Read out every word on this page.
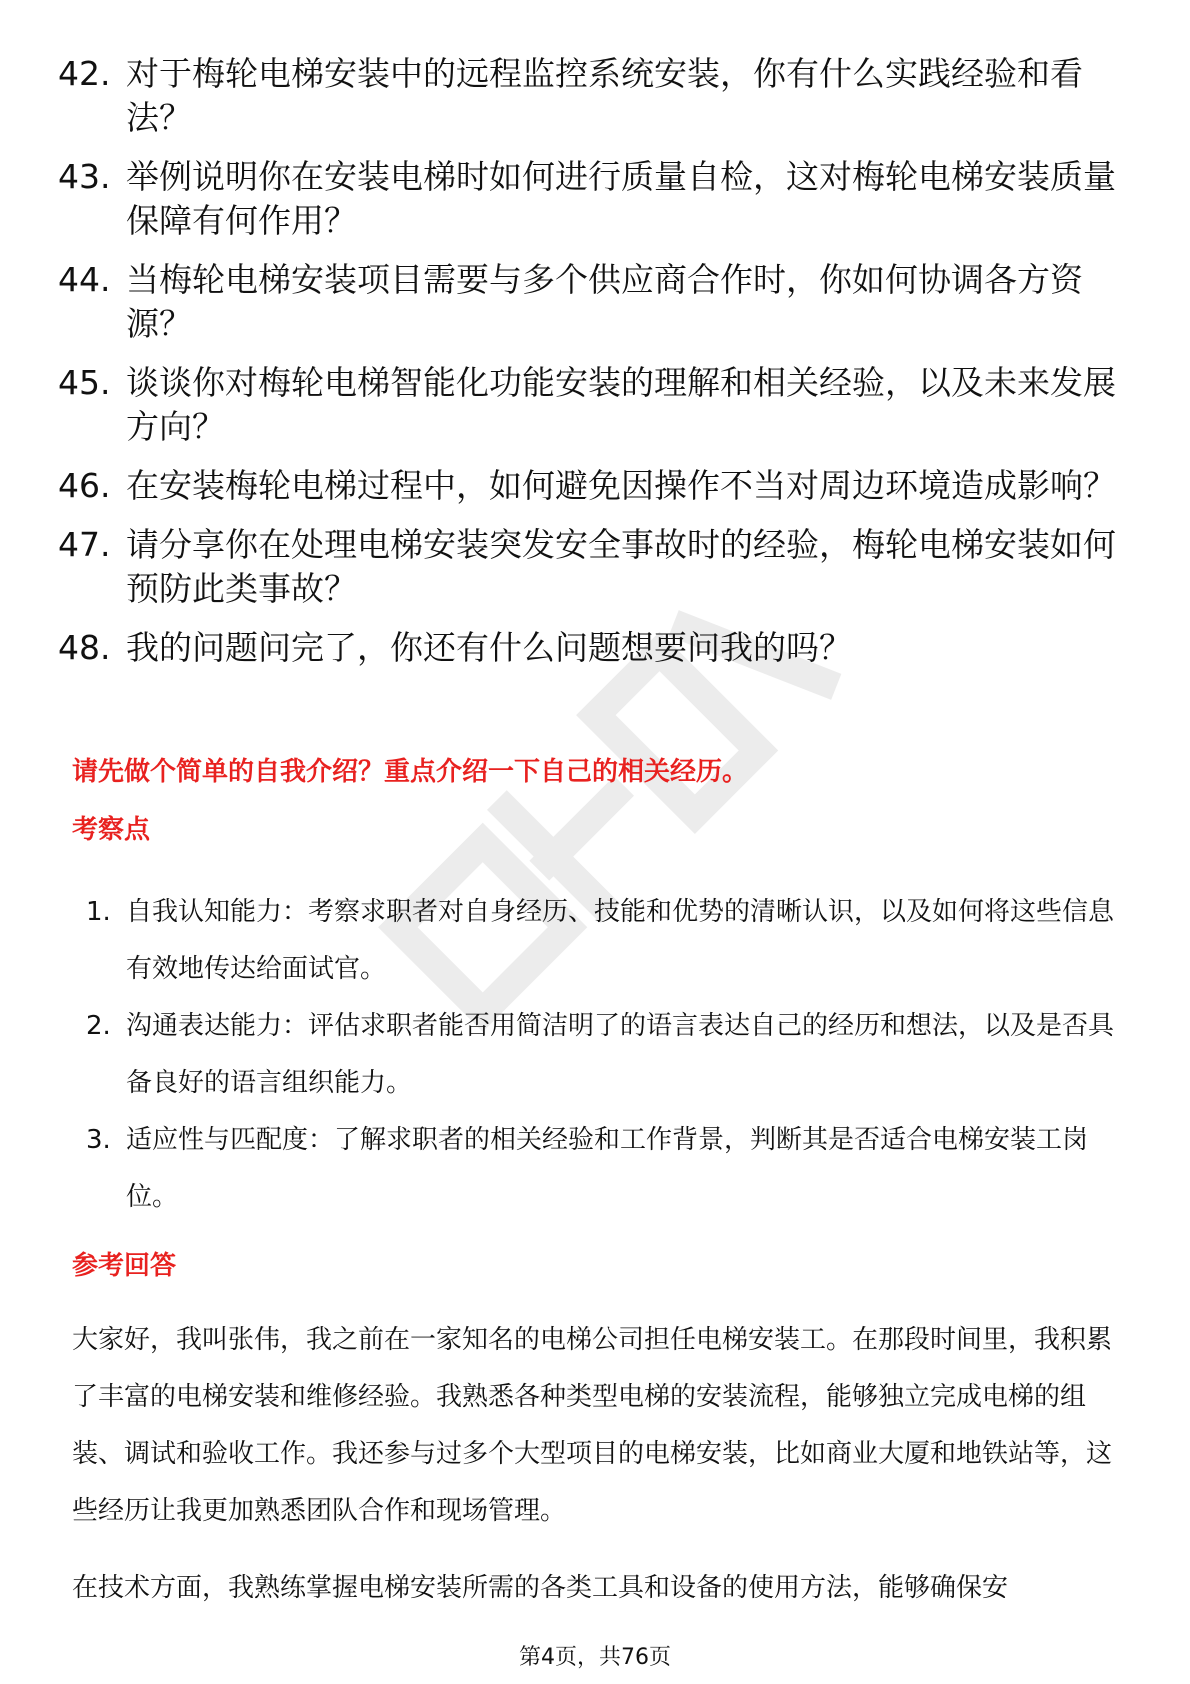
42. 对于梅轮电梯安装中的远程监控系统安装，你有什么实践经验和看法？
43. 举例说明你在安装电梯时如何进行质量自检，这对梅轮电梯安装质量保障有何作用？
44. 当梅轮电梯安装项目需要与多个供应商合作时，你如何协调各方资源？
45. 谈谈你对梅轮电梯智能化功能安装的理解和相关经验，以及未来发展方向？
46. 在安装梅轮电梯过程中，如何避免因操作不当对周边环境造成影响？
47. 请分享你在处理电梯安装突发安全事故时的经验，梅轮电梯安装如何预防此类事故？
48. 我的问题问完了，你还有什么问题想要问我的吗？
请先做个简单的自我介绍？重点介绍一下自己的相关经历。
考察点
1. 自我认知能力：考察求职者对自身经历、技能和优势的清晰认识，以及如何将这些信息有效地传达给面试官。
2. 沟通表达能力：评估求职者能否用简洁明了的语言表达自己的经历和想法，以及是否具备良好的语言组织能力。
3. 适应性与匹配度：了解求职者的相关经验和工作背景，判断其是否适合电梯安装工岗位。
参考回答

大家好，我叫张伟，我之前在一家知名的电梯公司担任电梯安装工。在那段时间里，我积累了丰富的电梯安装和维修经验。我熟悉各种类型电梯的安装流程，能够独立完成电梯的组装、调试和验收工作。我还参与过多个大型项目的电梯安装，比如商业大厦和地铁站等，这些经历让我更加熟悉团队合作和现场管理。

在技术方面，我熟练掌握电梯安装所需的各类工具和设备的使用方法，能够确保安

第4页，共76页
